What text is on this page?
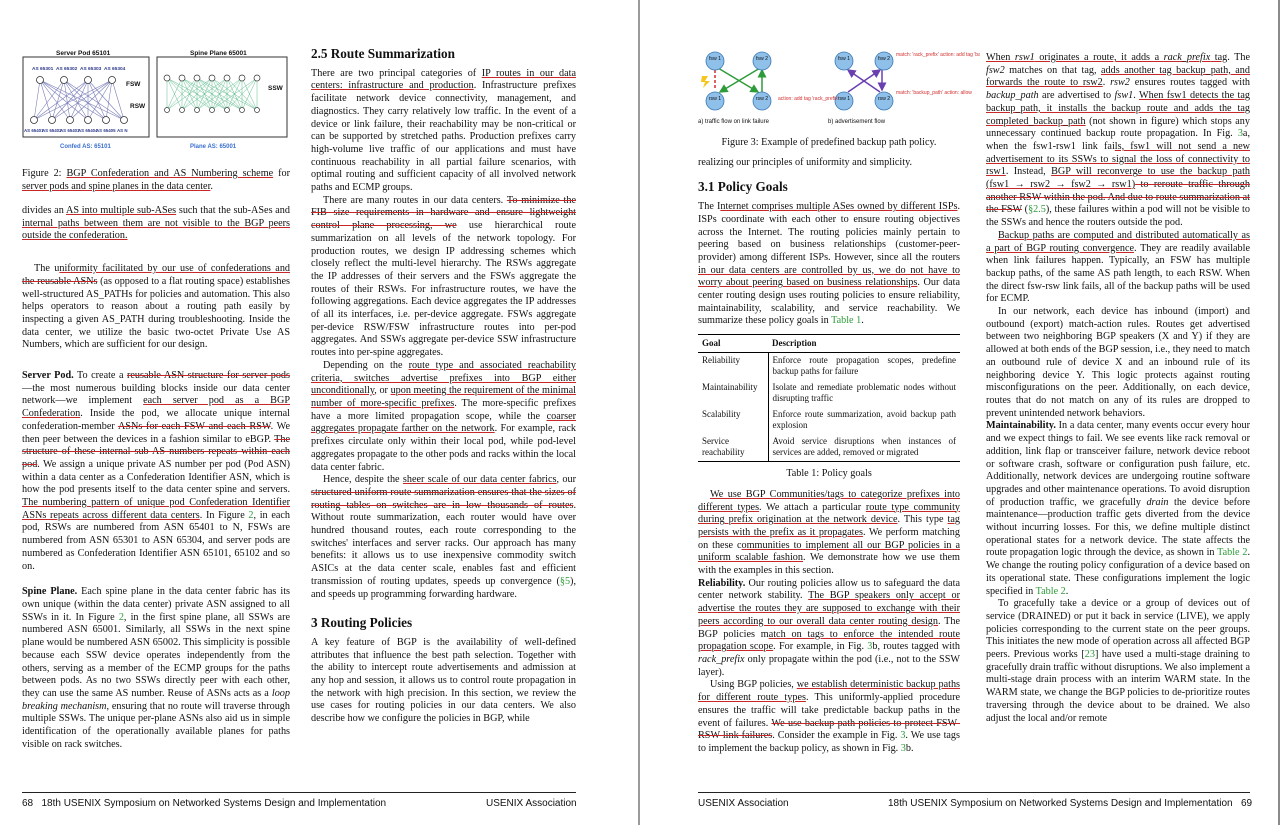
Server Pod 65101	Spine Plane 65001
FSW
RSW
SSW
AS 65301 AS 65302 AS 65303 AS 65304
AS 65401
AS 65402
AS 65403
AS 65404
AS 65405 AS N
Confed AS: 65101	Plane AS: 65001
Figure 2: BGP Confederation and AS Numbering scheme for server pods and spine planes in the data center.

divides an AS into multiple sub-ASes such that the sub-ASes and internal paths between them are not visible to the BGP peers outside the confederation.

The uniformity facilitated by our use of confederations and the reusable ASNs (as opposed to a flat routing space) establishes well-structured AS_PATHs for policies and automation. This also helps operators to reason about a routing path easily by inspecting a given AS_PATH during troubleshooting. Inside the data center, we utilize the basic two-octet Private Use AS Numbers, which are sufficient for our design.

Server Pod. To create a reusable ASN structure for server pods—the most numerous building blocks inside our data center network—we implement each server pod as a BGP Confederation. Inside the pod, we allocate unique internal confederation-member ASNs for each FSW and each RSW. We then peer between the devices in a fashion similar to eBGP. The structure of these internal sub-AS numbers repeats within each pod. We assign a unique private AS number per pod (Pod ASN) within a data center as a Confederation Identifier ASN, which is how the pod presents itself to the data center spine and servers. The numbering pattern of unique pod Confederation Identifier ASNs repeats across different data centers. In Figure 2, in each pod, RSWs are numbered from ASN 65401 to N, FSWs are numbered from ASN 65301 to ASN 65304, and server pods are numbered as Confederation Identifier ASN 65101, 65102 and so on.

Spine Plane. Each spine plane in the data center fabric has its own unique (within the data center) private ASN assigned to all SSWs in it. In Figure 2, in the first spine plane, all SSWs are numbered ASN 65001. Similarly, all SSWs in the next spine plane would be numbered ASN 65002. This simplicity is possible because each SSW device operates independently from the others, serving as a member of the ECMP groups for the paths between pods. As no two SSWs directly peer with each other, they can use the same AS number. Reuse of ASNs acts as a loop breaking mechanism, ensuring that no route will traverse through multiple SSWs. The unique per-plane ASNs also aid us in simple identification of the operationally available planes for paths visible on rack switches.

2.5 Route Summarization

There are two principal categories of IP routes in our data centers: infrastructure and production. Infrastructure prefixes facilitate network device connectivity, management, and diagnostics. They carry relatively low traffic. In the event of a device or link failure, their reachability may be non-critical or can be supported by stretched paths. Production prefixes carry high-volume live traffic of our applications and must have continuous reachability in all partial failure scenarios, with optimal routing and sufficient capacity of all involved network paths and ECMP groups.

There are many routes in our data centers. To minimize the FIB size requirements in hardware and ensure lightweight control plane processing, we use hierarchical route summarization on all levels of the network topology. For production routes, we design IP addressing schemes which closely reflect the multi-level hierarchy. The RSWs aggregate the IP addresses of their servers and the FSWs aggregate the routes of their RSWs. For infrastructure routes, we have the following aggregations. Each device aggregates the IP addresses of all its interfaces, i.e. per-device aggregate. FSWs aggregate per-device RSW/FSW infrastructure routes into per-pod aggregates. And SSWs aggregate per-device SSW infrastructure routes into per-spine aggregates.

Depending on the route type and associated reachability criteria, switches advertise prefixes into BGP either unconditionally, or upon meeting the requirement of the minimal number of more-specific prefixes. The more-specific prefixes have a more limited propagation scope, while the coarser aggregates propagate farther on the network. For example, rack prefixes circulate only within their local pod, while pod-level aggregates propagate to the other pods and racks within the local data center fabric.

Hence, despite the sheer scale of our data center fabrics, our structured uniform route summarization ensures that the sizes of routing tables on switches are in low thousands of routes. Without route summarization, each router would have over hundred thousand routes, each route corresponding to the switches' interfaces and server racks. Our approach has many benefits: it allows us to use inexpensive commodity switch ASICs at the data center scale, enables fast and efficient transmission of routing updates, speeds up convergence (§5), and speeds up programming forwarding hardware.

3 Routing Policies

A key feature of BGP is the availability of well-defined attributes that influence the best path selection. Together with the ability to intercept route advertisements and admission at any hop and session, it allows us to control route propagation in the network with high precision. In this section, we review the use cases for routing policies in our data centers. We also describe how we configure the policies in BGP, while

68 18th USENIX Symposium on Networked Systems Design and Implementation	USENIX Association
fsw 1	fsw 2
rsw 1	rsw 2
fsw 1	fsw 2
rsw 1	rsw 2
action: add tag 'rack_prefix'
match: 'rack_prefix' action: add tag 'ba
match: 'backup_path' action: allow
a) traffic flow on link failure	b) advertisement flow
Figure 3: Example of predefined backup path policy.

realizing our principles of uniformity and simplicity.

3.1 Policy Goals

The Internet comprises multiple ASes owned by different ISPs. ISPs coordinate with each other to ensure routing objectives across the Internet. The routing policies mainly pertain to peering based on business relationships (customer-peer-provider) among different ISPs. However, since all the routers in our data centers are controlled by us, we do not have to worry about peering based on business relationships. Our data center routing design uses routing policies to ensure reliability, maintainability, scalability, and service reachability. We summarize these policy goals in Table 1.

Goal	Description
Reliability	Enforce route propagation scopes, predefine backup paths for failure
Maintainability	Isolate and remediate problematic nodes without disrupting traffic
Scalability	Enforce route summarization, avoid backup path explosion
Service reachability	Avoid service disruptions when instances of services are added, removed or migrated
Table 1: Policy goals

We use BGP Communities/tags to categorize prefixes into different types. We attach a particular route type community during prefix origination at the network device. This type tag persists with the prefix as it propagates. We perform matching on these communities to implement all our BGP policies in a uniform scalable fashion. We demonstrate how we use them with the examples in this section.

Reliability. Our routing policies allow us to safeguard the data center network stability. The BGP speakers only accept or advertise the routes they are supposed to exchange with their peers according to our overall data center routing design. The BGP policies match on tags to enforce the intended route propagation scope. For example, in Fig. 3b, routes tagged with rack_prefix only propagate within the pod (i.e., not to the SSW layer).

Using BGP policies, we establish deterministic backup paths for different route types. This uniformly-applied procedure ensures the traffic will take predictable backup paths in the event of failures. We use backup path policies to protect FSW-RSW link failures. Consider the example in Fig. 3. We use tags to implement the backup policy, as shown in Fig. 3b.

When rsw1 originates a route, it adds a rack_prefix tag. The fsw2 matches on that tag, adds another tag backup_path, and forwards the route to rsw2. rsw2 ensures routes tagged with backup_path are advertised to fsw1. When fsw1 detects the tag backup_path, it installs the backup route and adds the tag completed_backup_path (not shown in figure) which stops any unnecessary continued backup route propagation. In Fig. 3a, when the fsw1-rsw1 link fails, fsw1 will not send a new advertisement to its SSWs to signal the loss of connectivity to rsw1. Instead, BGP will reconverge to use the backup path (fsw1 → rsw2 → fsw2 → rsw1) to reroute traffic through another RSW within the pod. And due to route summarization at the FSW (§2.5), these failures within a pod will not be visible to the SSWs and hence the routers outside the pod.

Backup paths are computed and distributed automatically as a part of BGP routing convergence. They are readily available when link failures happen. Typically, an FSW has multiple backup paths, of the same AS path length, to each RSW. When the direct fsw-rsw link fails, all of the backup paths will be used for ECMP.

In our network, each device has inbound (import) and outbound (export) match-action rules. Routes get advertised between two neighboring BGP speakers (X and Y) if they are allowed at both ends of the BGP session, i.e., they need to match an outbound rule of device X and an inbound rule of its neighboring device Y. This logic protects against routing misconfigurations on the peer. Additionally, on each device, routes that do not match on any of its rules are dropped to prevent unintended network behaviors.

Maintainability. In a data center, many events occur every hour and we expect things to fail. We see events like rack removal or addition, link flap or transceiver failure, network device reboot or software crash, software or configuration push failure, etc. Additionally, network devices are undergoing routine software upgrades and other maintenance operations. To avoid disruption of production traffic, we gracefully drain the device before maintenance—production traffic gets diverted from the device without incurring losses. For this, we define multiple distinct operational states for a network device. The state affects the route propagation logic through the device, as shown in Table 2. We change the routing policy configuration of a device based on its operational state. These configurations implement the logic specified in Table 2.

To gracefully take a device or a group of devices out of service (DRAINED) or put it back in service (LIVE), we apply policies corresponding to the current state on the peer groups. This initiates the new mode of operation across all affected BGP peers. Previous works [23] have used a multi-stage draining to gracefully drain traffic without disruptions. We also implement a multi-stage drain process with an interim WARM state. In the WARM state, we change the BGP policies to de-prioritize routes traversing through the device about to be drained. We also adjust the local and/or remote

USENIX Association	18th USENIX Symposium on Networked Systems Design and Implementation 69
